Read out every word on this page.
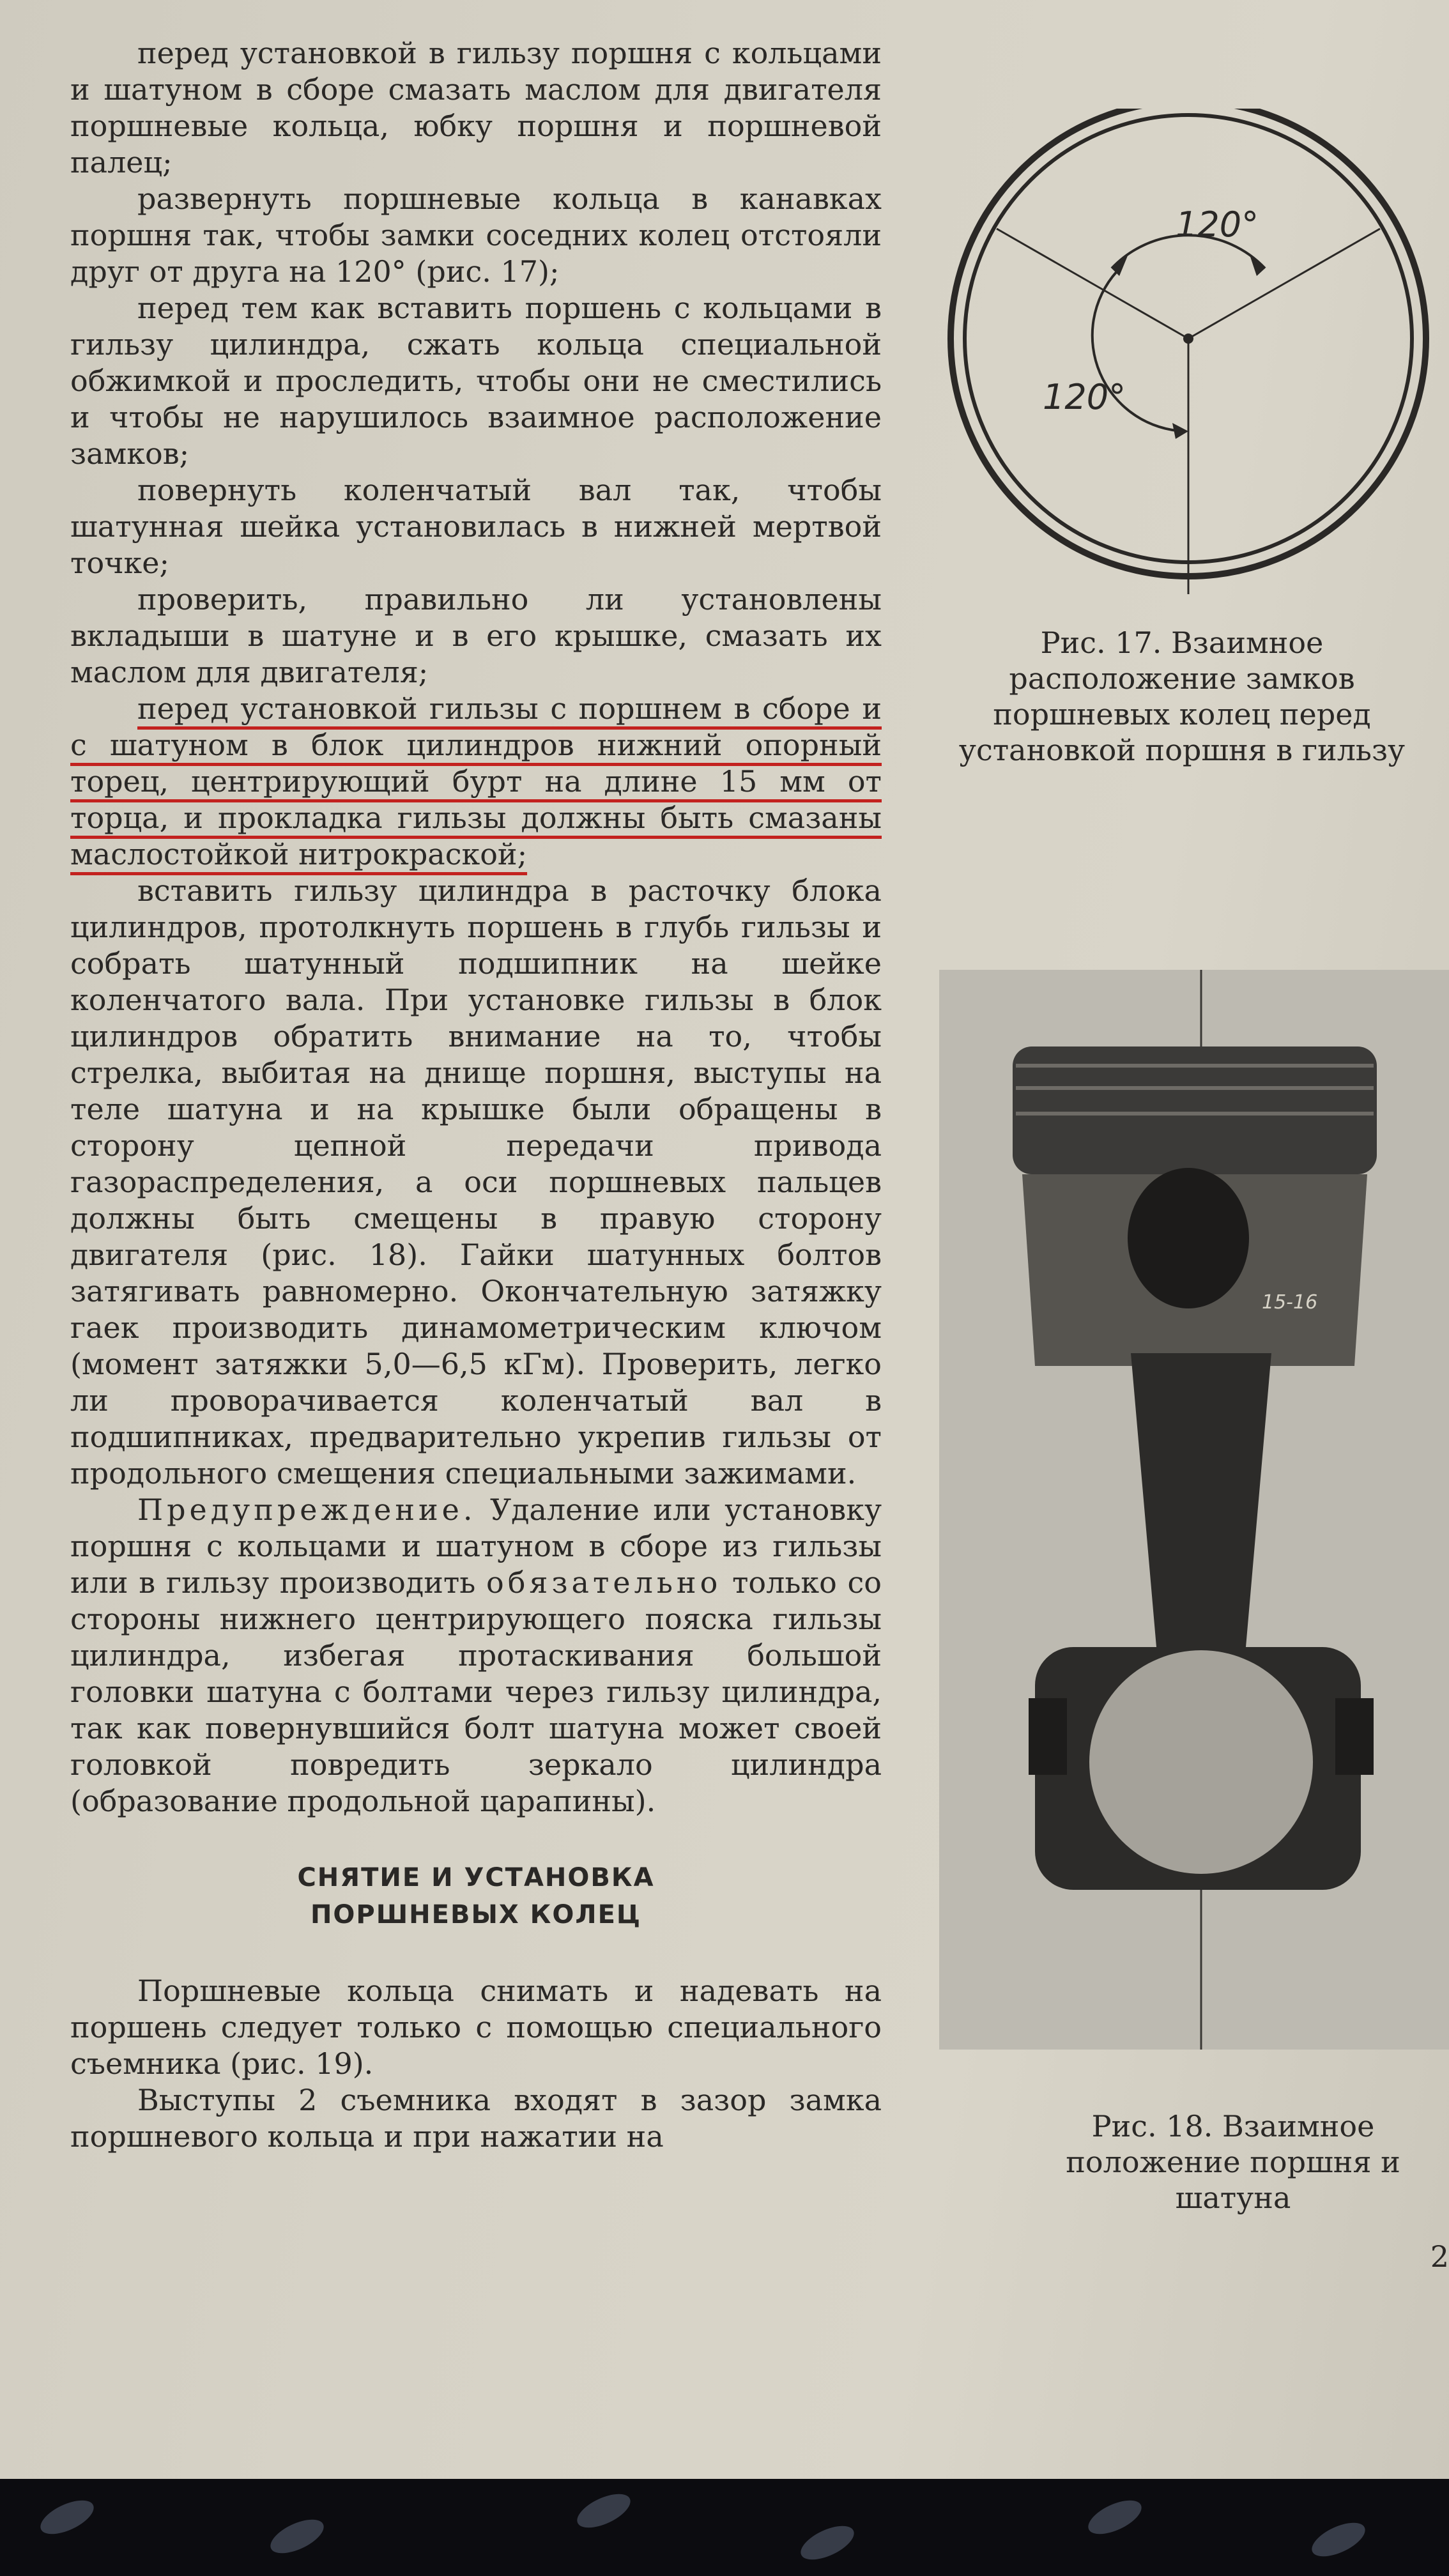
перед установкой в гильзу поршня с кольцами и шатуном в сборе смазать маслом для двигателя поршневые кольца, юбку поршня и поршневой палец;

развернуть поршневые кольца в канавках поршня так, чтобы замки соседних колец отстояли друг от друга на 120° (рис. 17);

перед тем как вставить поршень с кольцами в гильзу цилиндра, сжать кольца специальной обжимкой и проследить, чтобы они не сместились и чтобы не нарушилось взаимное расположение замков;

повернуть коленчатый вал так, чтобы шатунная шейка установилась в нижней мертвой точке;

проверить, правильно ли установлены вкладыши в шатуне и в его крышке, смазать их маслом для двигателя;

перед установкой гильзы с поршнем в сборе и с шатуном в блок цилиндров нижний опорный торец, центрирующий бурт на длине 15 мм от торца, и прокладка гильзы должны быть смазаны маслостойкой нитрокраской;

вставить гильзу цилиндра в расточку блока цилиндров, протолкнуть поршень в глубь гильзы и собрать шатунный подшипник на шейке коленчатого вала. При установке гильзы в блок цилиндров обратить внимание на то, чтобы стрелка, выбитая на днище поршня, выступы на теле шатуна и на крышке были обращены в сторону цепной передачи привода газораспределения, а оси поршневых пальцев должны быть смещены в правую сторону двигателя (рис. 18). Гайки шатунных болтов затягивать равномерно. Окончательную затяжку гаек производить динамометрическим ключом (момент затяжки 5,0—6,5 кГм). Проверить, легко ли проворачивается коленчатый вал в подшипниках, предварительно укрепив гильзы от продольного смещения специальными зажимами.

Предупреждение. Удаление или установку поршня с кольцами и шатуном в сборе из гильзы или в гильзу производить обязательно только со стороны нижнего центрирующего пояска гильзы цилиндра, избегая протаскивания большой головки шатуна с болтами через гильзу цилиндра, так как повернувшийся болт шатуна может своей головкой повредить зеркало цилиндра (образование продольной царапины).

СНЯТИЕ И УСТАНОВКА
ПОРШНЕВЫХ КОЛЕЦ

Поршневые кольца снимать и надевать на поршень следует только с помощью специального съемника (рис. 19).

Выступы 2 съемника входят в зазор замка поршневого кольца и при нажатии на

120°
120°
Рис. 17. Взаимное расположение замков поршневых колец перед установкой поршня в гильзу
15-16
Рис. 18. Взаимное положение поршня и шатуна
2
